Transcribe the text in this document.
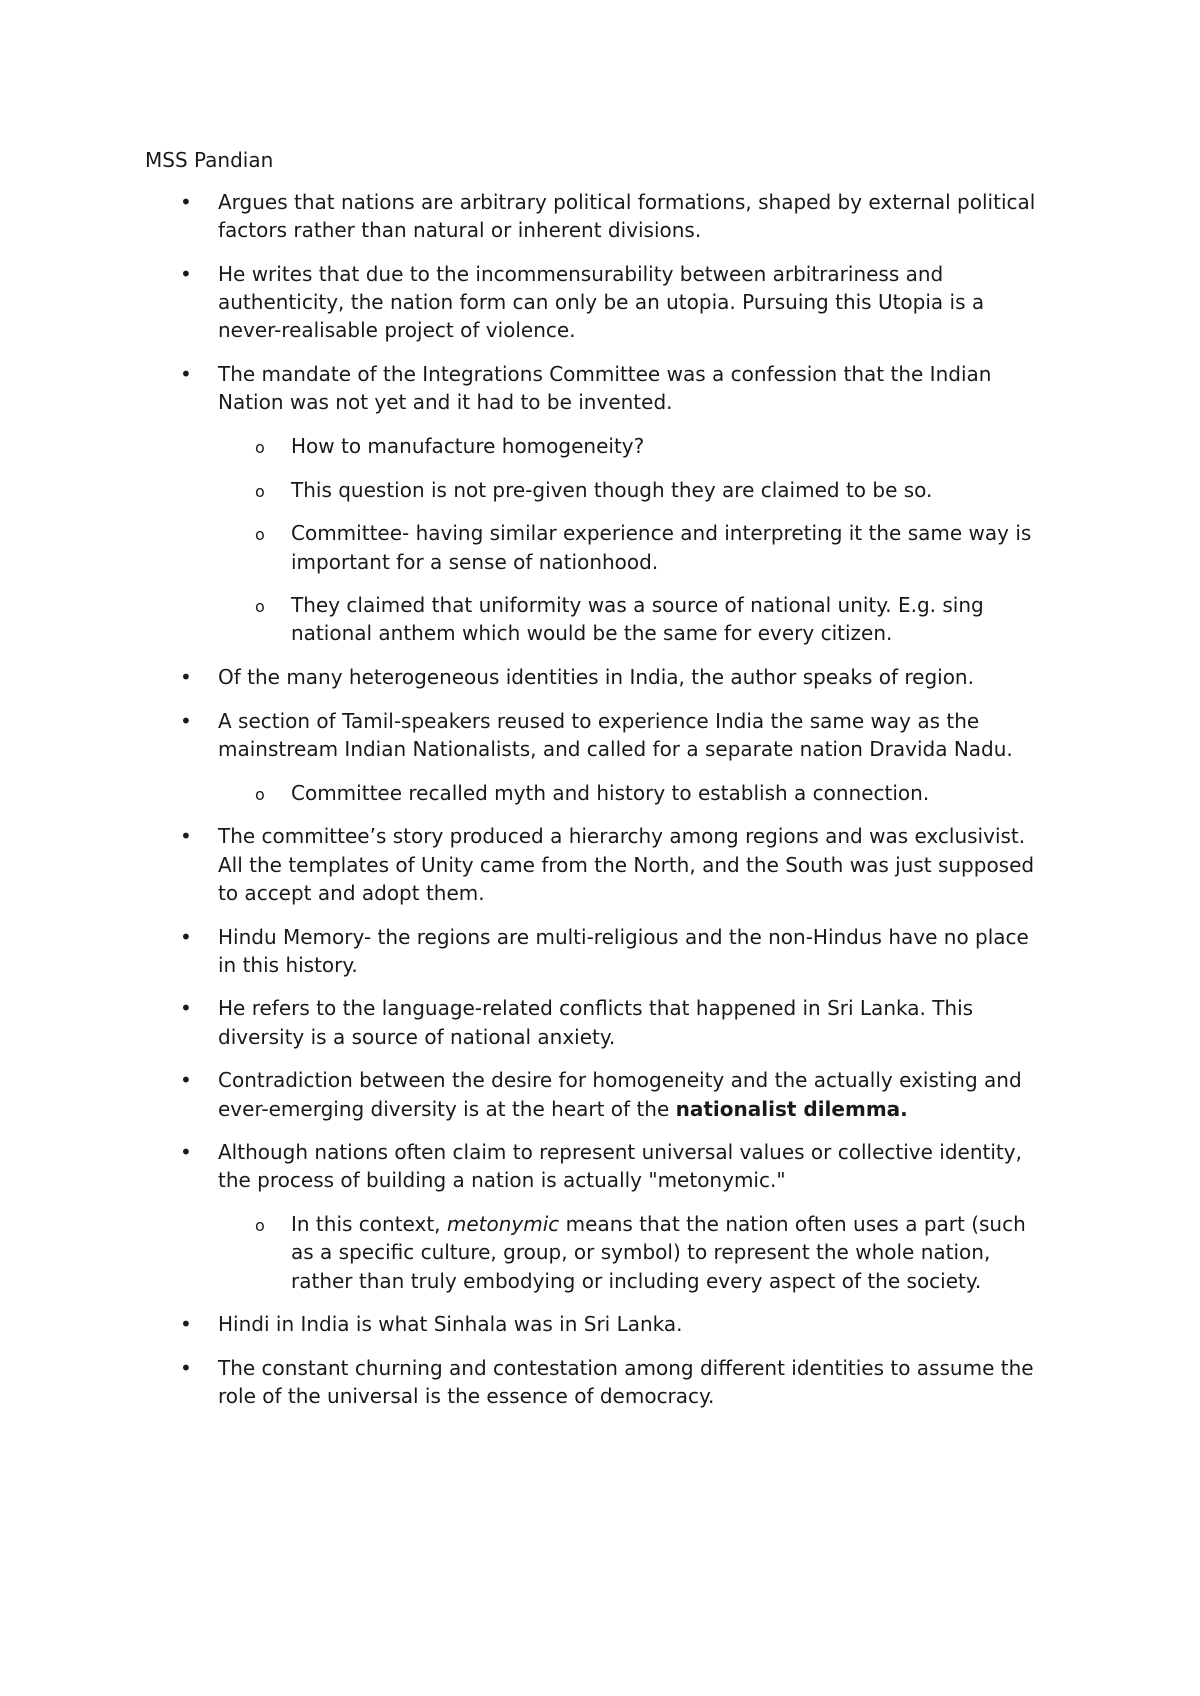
MSS Pandian
• Argues that nations are arbitrary political formations, shaped by external political factors rather than natural or inherent divisions.
• He writes that due to the incommensurability between arbitrariness and authenticity, the nation form can only be an utopia. Pursuing this Utopia is a never-realisable project of violence.
• The mandate of the Integrations Committee was a confession that the Indian Nation was not yet and it had to be invented.
o How to manufacture homogeneity?
o This question is not pre-given though they are claimed to be so.
o Committee- having similar experience and interpreting it the same way is important for a sense of nationhood.
o They claimed that uniformity was a source of national unity. E.g. sing national anthem which would be the same for every citizen.
• Of the many heterogeneous identities in India, the author speaks of region.
• A section of Tamil-speakers reused to experience India the same way as the mainstream Indian Nationalists, and called for a separate nation Dravida Nadu.
o Committee recalled myth and history to establish a connection.
• The committee’s story produced a hierarchy among regions and was exclusivist. All the templates of Unity came from the North, and the South was just supposed to accept and adopt them.
• Hindu Memory- the regions are multi-religious and the non-Hindus have no place in this history.
• He refers to the language-related conflicts that happened in Sri Lanka. This diversity is a source of national anxiety.
• Contradiction between the desire for homogeneity and the actually existing and ever-emerging diversity is at the heart of the nationalist dilemma.
• Although nations often claim to represent universal values or collective identity, the process of building a nation is actually "metonymic."
o In this context, metonymic means that the nation often uses a part (such as a specific culture, group, or symbol) to represent the whole nation, rather than truly embodying or including every aspect of the society.
• Hindi in India is what Sinhala was in Sri Lanka.
• The constant churning and contestation among different identities to assume the role of the universal is the essence of democracy.
